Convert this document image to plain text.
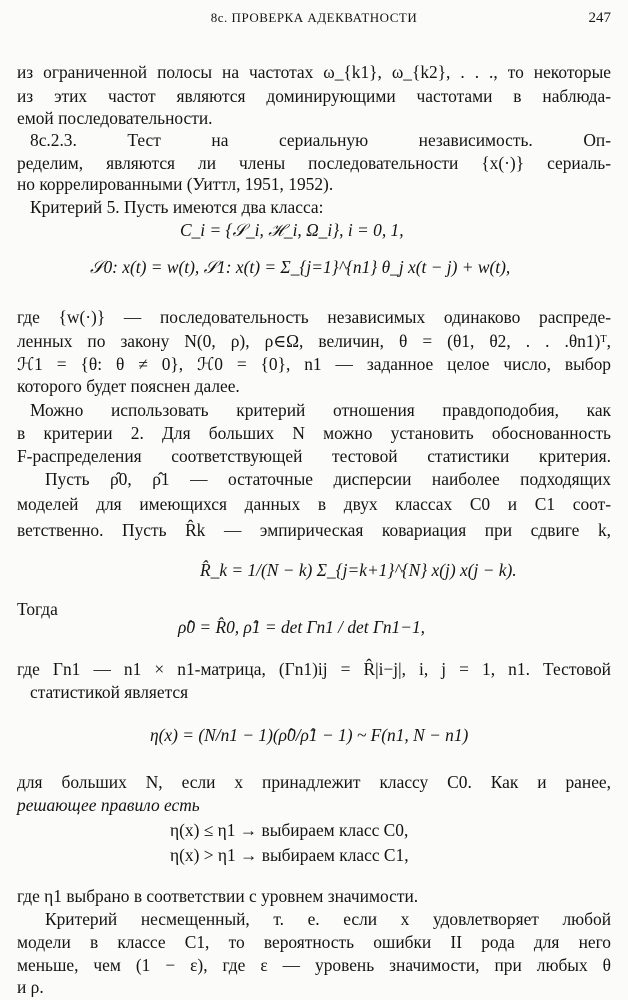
8с. ПРОВЕРКА АДЕКВАТНОСТИ	247
из ограниченной полосы на частотах ω_{k1}, ω_{k2}, . . ., то некоторые
из этих частот являются доминирующими частотами в наблюда-
емой последовательности.
8с.2.3. Тест на сериальную независимость. Оп-
ределим, являются ли члены последовательности {x(·)} сериаль-
но коррелированными (Уиттл, 1951, 1952).
Критерий 5. Пусть имеются два класса:
C_i = {𝒮_i, ℋ_i, Ω_i}, i = 0, 1,
𝒮0: x(t) = w(t), 𝒮1: x(t) = Σ_{j=1}^{n1} θ_j x(t − j) + w(t),
где {w(·)} — последовательность независимых одинаково распреде-
ленных по закону N(0, ρ), ρ∈Ω, величин, θ = (θ1, θ2, . . .θn1)ᵀ,
ℋ1 = {θ: θ ≠ 0}, ℋ0 = {0}, n1 — заданное целое число, выбор
которого будет пояснен далее.
Можно использовать критерий отношения правдоподобия, как
в критерии 2. Для больших N можно установить обоснованность
F-распределения соответствующей тестовой статистики критерия.
Пусть ρ̂0, ρ̂1 — остаточные дисперсии наиболее подходящих
моделей для имеющихся данных в двух классах C0 и C1 соот-
ветственно. Пусть R̂k — эмпирическая ковариация при сдвиге k,
R̂_k = 1/(N − k) Σ_{j=k+1}^{N} x(j) x(j − k).
Тогда
ρ̂0 = R̂0, ρ̂1 = det Γn1 / det Γn1−1,
где Γn1 — n1 × n1-матрица, (Γn1)ij = R̂|i−j|, i, j = 1, n1. Тестовой
статистикой является
η(x) = (N/n1 − 1)(ρ̂0/ρ̂1 − 1) ~ F(n1, N − n1)
для больших N, если x принадлежит классу C0. Как и ранее,
решающее правило есть
η(x) ≤ η1 → выбираем класс C0,
η(x) > η1 → выбираем класс C1,
где η1 выбрано в соответствии с уровнем значимости.
Критерий несмещенный, т. е. если x удовлетворяет любой
модели в классе C1, то вероятность ошибки II рода для него
меньше, чем (1 − ε), где ε — уровень значимости, при любых θ
и ρ.
